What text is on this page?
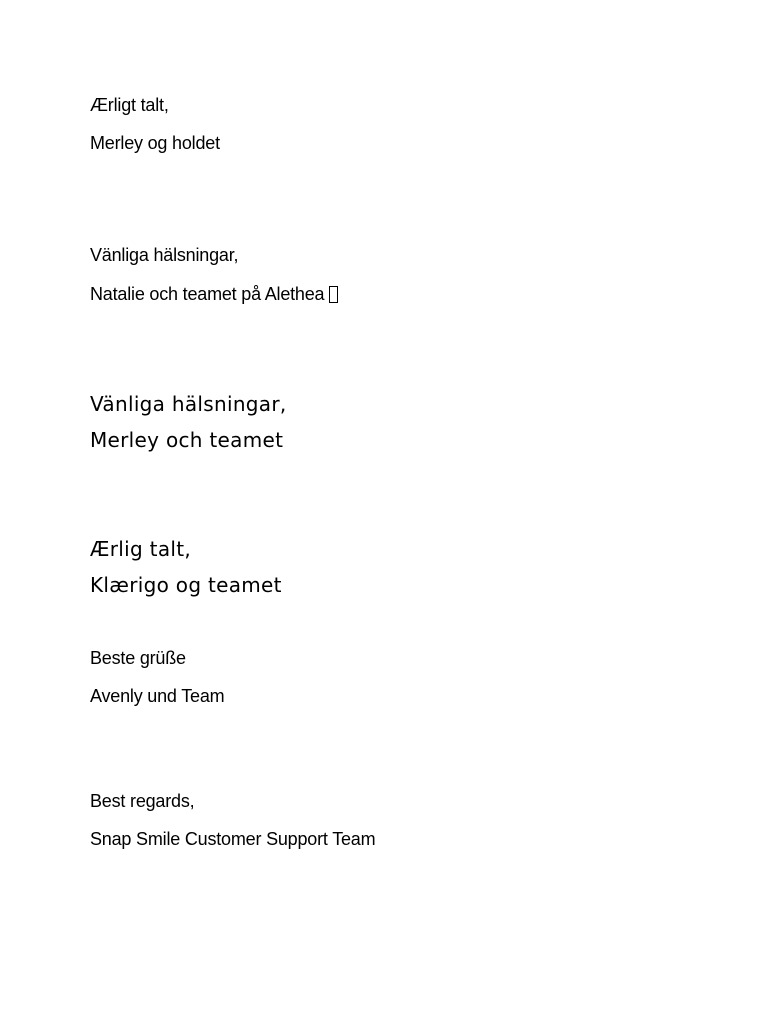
Ærligt talt,
Merley og holdet
Vänliga hälsningar,
Natalie och teamet på Alethea
Vänliga hälsningar,
Merley och teamet
Ærlig talt,
Klærigo og teamet
Beste grüße
Avenly und Team
Best regards,
Snap Smile Customer Support Team
